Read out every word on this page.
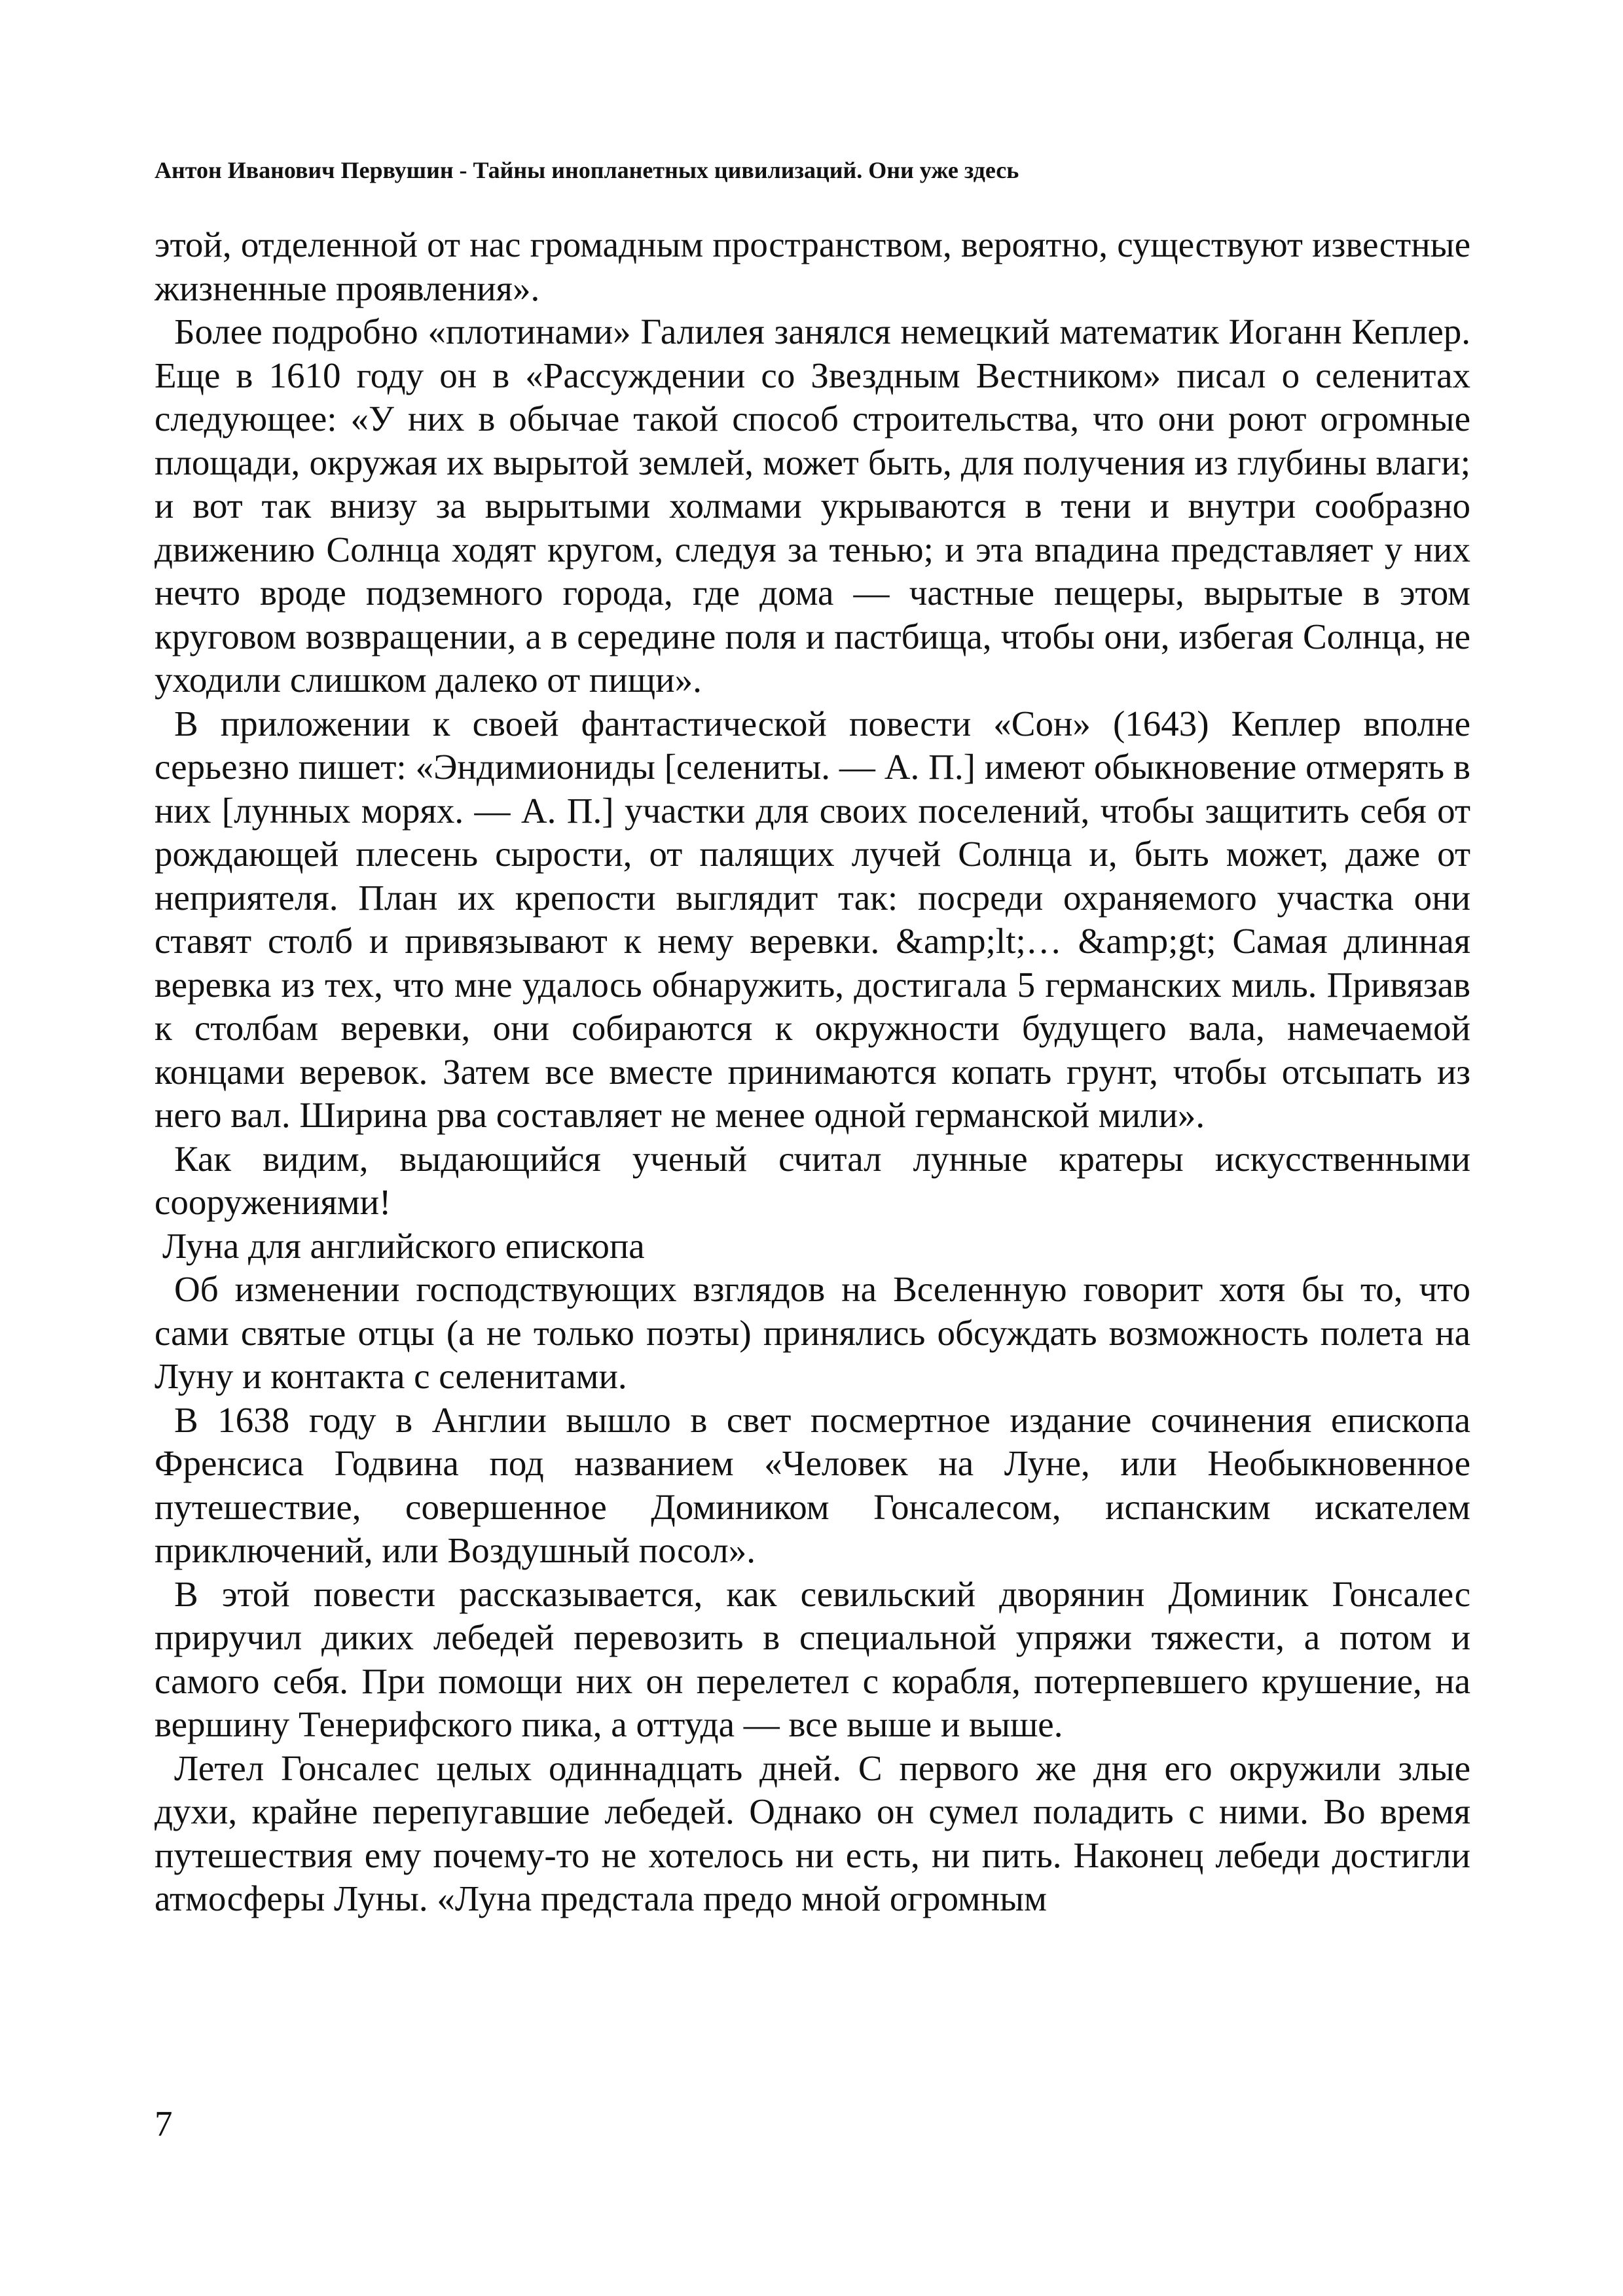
Антон Иванович Первушин - Тайны инопланетных цивилизаций. Они уже здесь

этой, отделенной от нас громадным пространством, вероятно, существуют известные жизненные проявления».

Более подробно «плотинами» Галилея занялся немецкий математик Иоганн Кеплер. Еще в 1610 году он в «Рассуждении со Звездным Вестником» писал о селенитах следующее: «У них в обычае такой способ строительства, что они роют огромные площади, окружая их вырытой землей, может быть, для получения из глубины влаги; и вот так внизу за вырытыми холмами укрываются в тени и внутри сообразно движению Солнца ходят кругом, следуя за тенью; и эта впадина представляет у них нечто вроде подземного города, где дома — частные пещеры, вырытые в этом круговом возвращении, а в середине поля и пастбища, чтобы они, избегая Солнца, не уходили слишком далеко от пищи».

В приложении к своей фантастической повести «Сон» (1643) Кеплер вполне серьезно пишет: «Эндимиониды [селениты. — А. П.] имеют обыкновение отмерять в них [лунных морях. — А. П.] участки для своих поселений, чтобы защитить себя от рождающей плесень сырости, от палящих лучей Солнца и, быть может, даже от неприятеля. План их крепости выглядит так: посреди охраняемого участка они ставят столб и привязывают к нему веревки. &amp;lt;… &amp;gt; Самая длинная веревка из тех, что мне удалось обнаружить, достигала 5 германских миль. Привязав к столбам веревки, они собираются к окружности будущего вала, намечаемой концами веревок. Затем все вместе принимаются копать грунт, чтобы отсыпать из него вал. Ширина рва составляет не менее одной германской мили».

Как видим, выдающийся ученый считал лунные кратеры искусственными сооружениями!

Луна для английского епископа

Об изменении господствующих взглядов на Вселенную говорит хотя бы то, что сами святые отцы (а не только поэты) принялись обсуждать возможность полета на Луну и контакта с селенитами.

В 1638 году в Англии вышло в свет посмертное издание сочинения епископа Френсиса Годвина под названием «Человек на Луне, или Необыкновенное путешествие, совершенное Домиником Гонсалесом, испанским искателем приключений, или Воздушный посол».

В этой повести рассказывается, как севильский дворянин Доминик Гонсалес приручил диких лебедей перевозить в специальной упряжи тяжести, а потом и самого себя. При помощи них он перелетел с корабля, потерпевшего крушение, на вершину Тенерифского пика, а оттуда — все выше и выше.

Летел Гонсалес целых одиннадцать дней. С первого же дня его окружили злые духи, крайне перепугавшие лебедей. Однако он сумел поладить с ними. Во время путешествия ему почему-то не хотелось ни есть, ни пить. Наконец лебеди достигли атмосферы Луны. «Луна предстала предо мной огромным

7
